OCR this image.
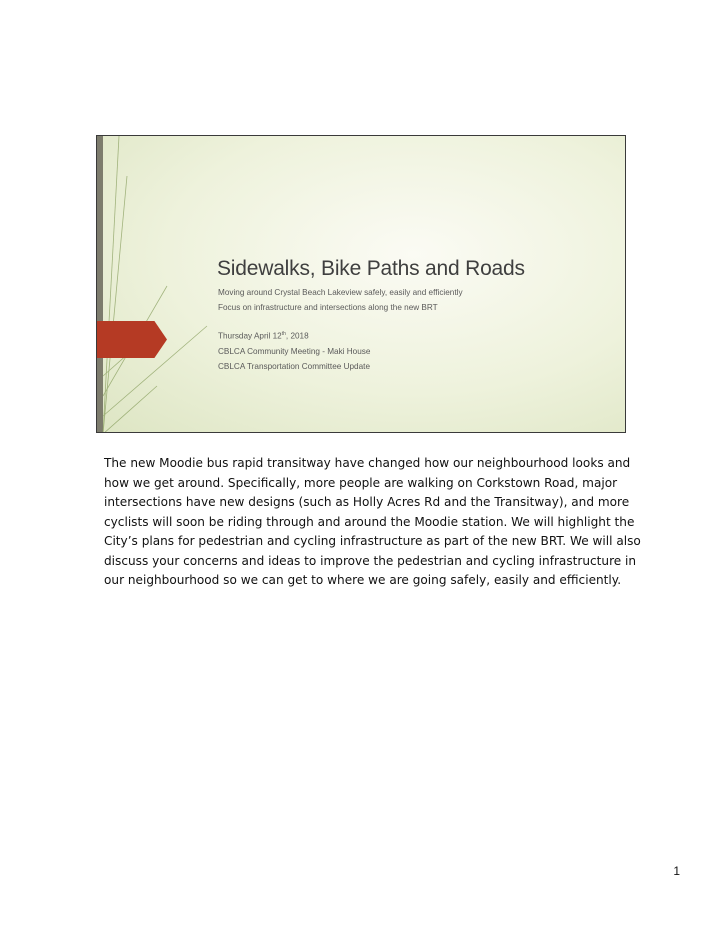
Sidewalks, Bike Paths and Roads
Moving around Crystal Beach Lakeview safely, easily and efficiently
Focus on infrastructure and intersections along the new BRT
Thursday April 12th, 2018
CBLCA Community Meeting - Maki House
CBLCA Transportation Committee Update

The new Moodie bus rapid transitway have changed how our neighbourhood looks and how we get around. Specifically, more people are walking on Corkstown Road, major intersections have new designs (such as Holly Acres Rd and the Transitway), and more cyclists will soon be riding through and around the Moodie station. We will highlight the City’s plans for pedestrian and cycling infrastructure as part of the new BRT. We will also discuss your concerns and ideas to improve the pedestrian and cycling infrastructure in our neighbourhood so we can get to where we are going safely, easily and efficiently.

1
